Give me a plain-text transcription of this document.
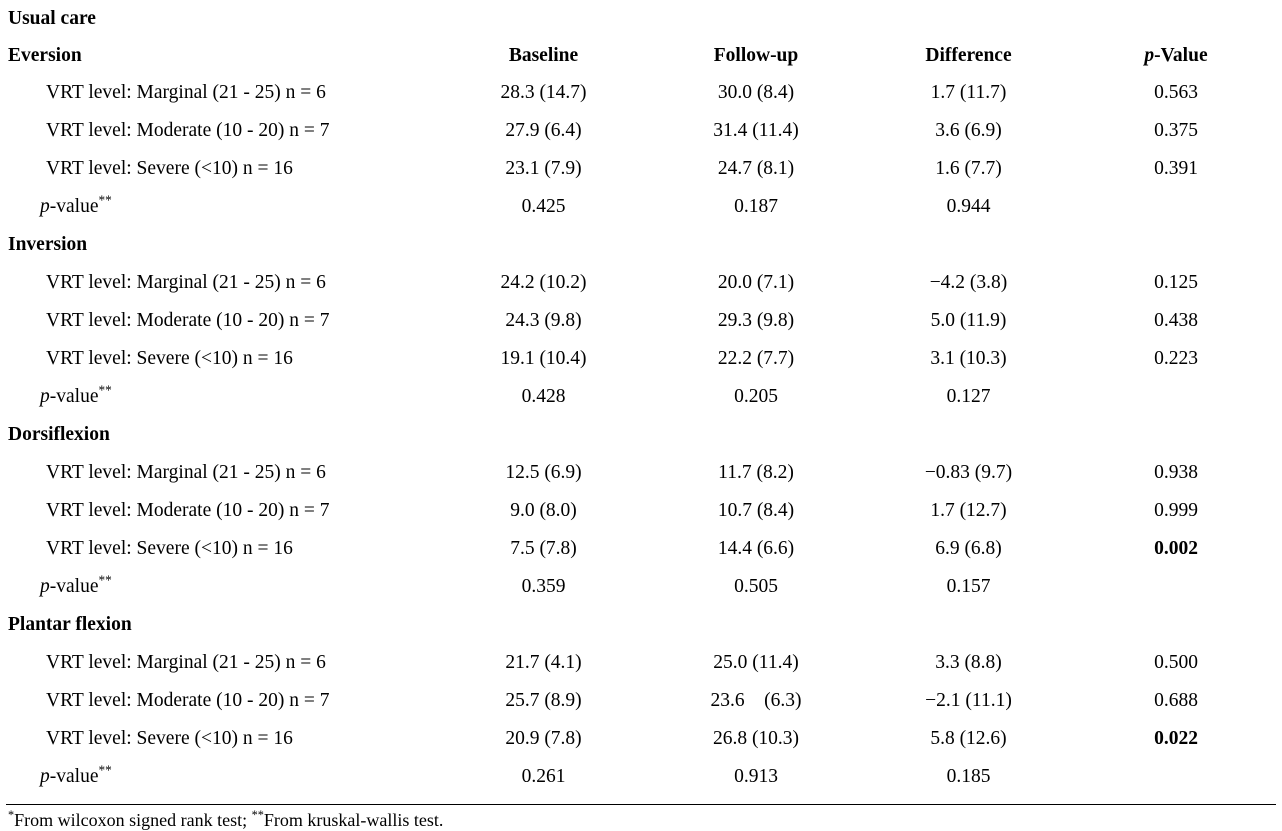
Usual care				
Eversion	Baseline	Follow-up	Difference	p-Value
VRT level: Marginal (21 - 25) n = 6	28.3 (14.7)	30.0 (8.4)	1.7 (11.7)	0.563
VRT level: Moderate (10 - 20) n = 7	27.9 (6.4)	31.4 (11.4)	3.6 (6.9)	0.375
VRT level: Severe (<10) n = 16	23.1 (7.9)	24.7 (8.1)	1.6 (7.7)	0.391
p-value**	0.425	0.187	0.944	
Inversion				
VRT level: Marginal (21 - 25) n = 6	24.2 (10.2)	20.0 (7.1)	−4.2 (3.8)	0.125
VRT level: Moderate (10 - 20) n = 7	24.3 (9.8)	29.3 (9.8)	5.0 (11.9)	0.438
VRT level: Severe (<10) n = 16	19.1 (10.4)	22.2 (7.7)	3.1 (10.3)	0.223
p-value**	0.428	0.205	0.127	
Dorsiflexion				
VRT level: Marginal (21 - 25) n = 6	12.5 (6.9)	11.7 (8.2)	−0.83 (9.7)	0.938
VRT level: Moderate (10 - 20) n = 7	9.0 (8.0)	10.7 (8.4)	1.7 (12.7)	0.999
VRT level: Severe (<10) n = 16	7.5 (7.8)	14.4 (6.6)	6.9 (6.8)	0.002
p-value**	0.359	0.505	0.157	
Plantar flexion				
VRT level: Marginal (21 - 25) n = 6	21.7 (4.1)	25.0 (11.4)	3.3 (8.8)	0.500
VRT level: Moderate (10 - 20) n = 7	25.7 (8.9)	23.6 (6.3)	−2.1 (11.1)	0.688
VRT level: Severe (<10) n = 16	20.9 (7.8)	26.8 (10.3)	5.8 (12.6)	0.022
p-value**	0.261	0.913	0.185	
*From wilcoxon signed rank test; **From kruskal-wallis test.
